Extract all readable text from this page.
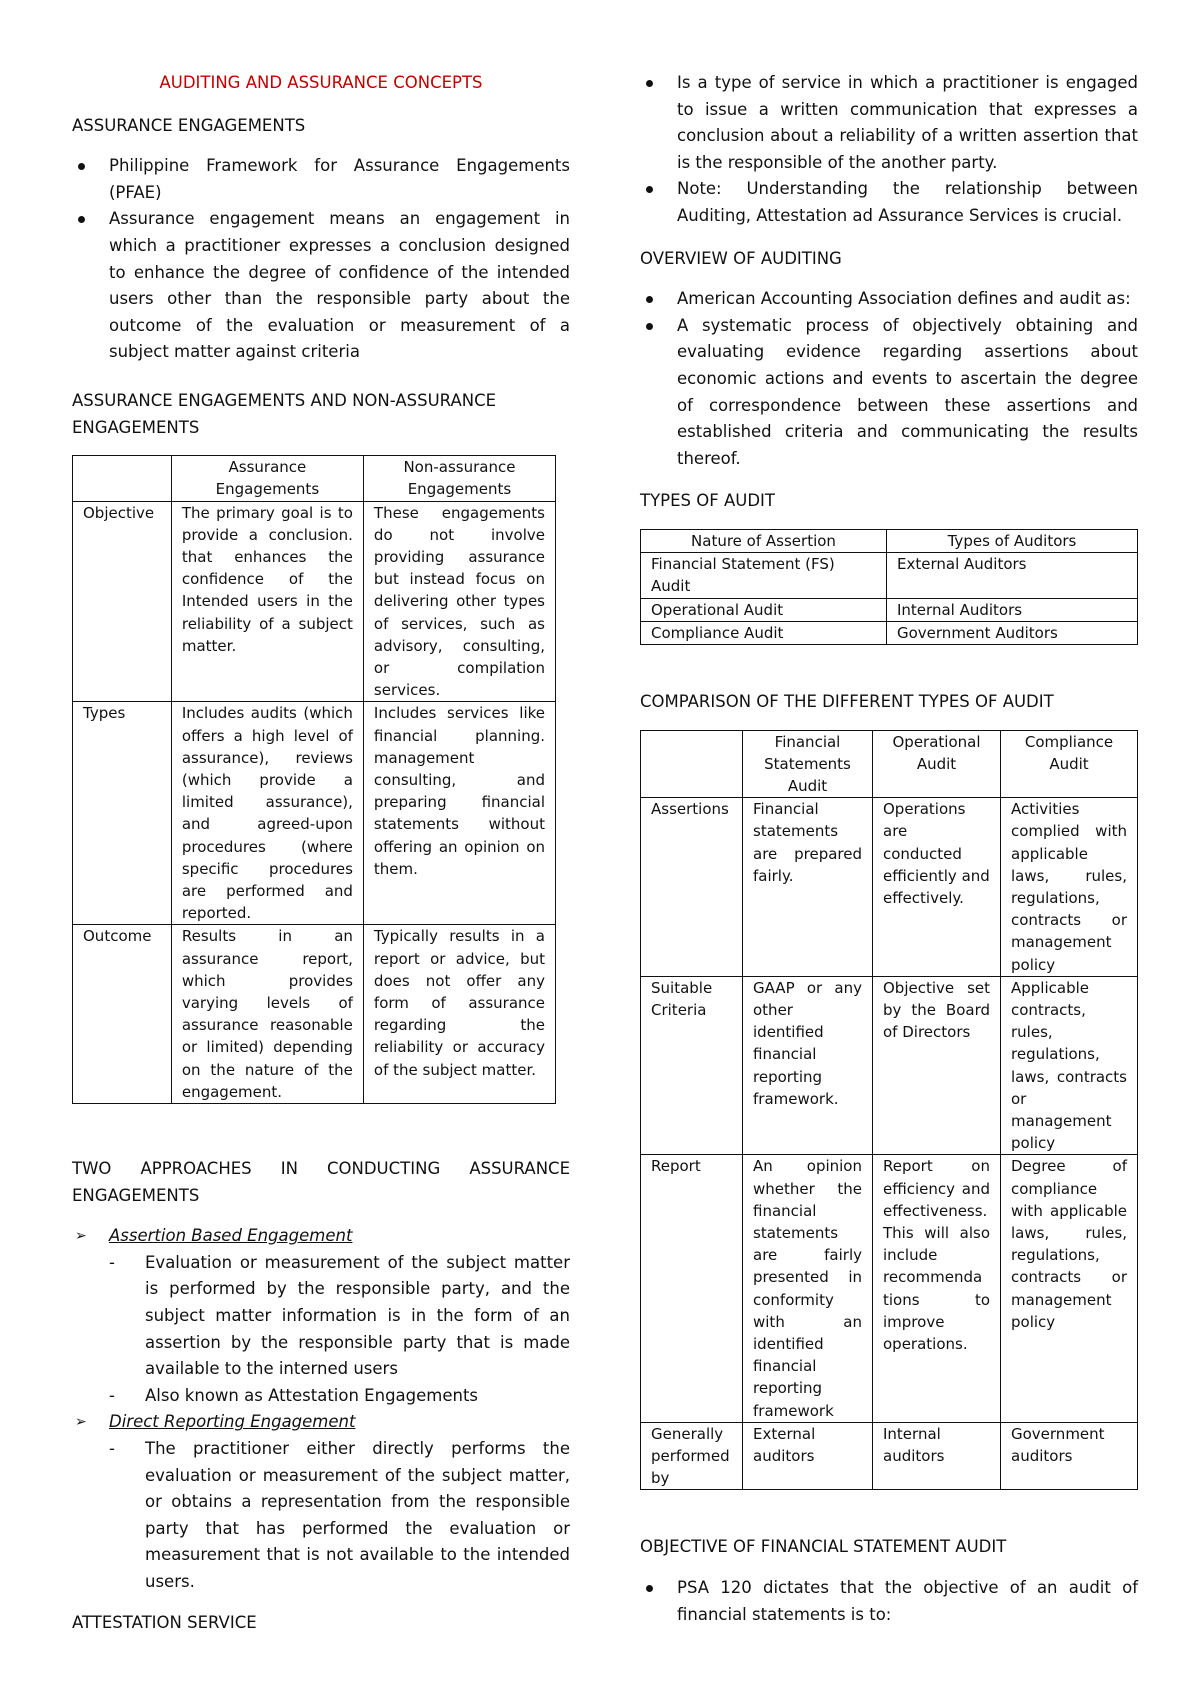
AUDITING AND ASSURANCE CONCEPTS
ASSURANCE ENGAGEMENTS
Philippine Framework for Assurance Engagements (PFAE)
Assurance engagement means an engagement in which a practitioner expresses a conclusion designed to enhance the degree of confidence of the intended users other than the responsible party about the outcome of the evaluation or measurement of a subject matter against criteria
ASSURANCE ENGAGEMENTS AND NON-ASSURANCE ENGAGEMENTS
	Assurance Engagements	Non-assurance Engagements
Objective	The primary goal is to provide a conclusion. that enhances the confidence of the Intended users in the reliability of a subject matter.	These engagements do not involve providing assurance but instead focus on delivering other types of services, such as advisory, consulting, or compilation services.
Types	Includes audits (which offers a high level of assurance), reviews (which provide a limited assurance), and agreed-upon procedures (where specific procedures are performed and reported.	Includes services like financial planning. management consulting, and preparing financial statements without offering an opinion on them.
Outcome	Results in an assurance report, which provides varying levels of assurance reasonable or limited) depending on the nature of the engagement.	Typically results in a report or advice, but does not offer any form of assurance regarding the reliability or accuracy of the subject matter.
TWO APPROACHES IN CONDUCTING ASSURANCE ENGAGEMENTS
➢ Assertion Based Engagement
- Evaluation or measurement of the subject matter is performed by the responsible party, and the subject matter information is in the form of an assertion by the responsible party that is made available to the interned users
- Also known as Attestation Engagements
➢ Direct Reporting Engagement
- The practitioner either directly performs the evaluation or measurement of the subject matter, or obtains a representation from the responsible party that has performed the evaluation or measurement that is not available to the intended users.
ATTESTATION SERVICE
Is a type of service in which a practitioner is engaged to issue a written communication that expresses a conclusion about a reliability of a written assertion that is the responsible of the another party.
Note: Understanding the relationship between Auditing, Attestation ad Assurance Services is crucial.
OVERVIEW OF AUDITING
American Accounting Association defines and audit as:
A systematic process of objectively obtaining and evaluating evidence regarding assertions about economic actions and events to ascertain the degree of correspondence between these assertions and established criteria and communicating the results thereof.
TYPES OF AUDIT
Nature of Assertion	Types of Auditors
Financial Statement (FS) Audit	External Auditors
Operational Audit	Internal Auditors
Compliance Audit	Government Auditors
COMPARISON OF THE DIFFERENT TYPES OF AUDIT
	Financial Statements Audit	Operational Audit	Compliance Audit
Assertions	Financial statements are prepared fairly.	Operations are conducted efficiently and effectively.	Activities complied with applicable laws, rules, regulations, contracts or management policy
Suitable Criteria	GAAP or any other identified financial reporting framework.	Objective set by the Board of Directors	Applicable contracts, rules, regulations, laws, contracts or management policy
Report	An opinion whether the financial statements are fairly presented in conformity with an identified financial reporting framework	Report on efficiency and effectiveness. This will also include recommenda tions to improve operations.	Degree of compliance with applicable laws, rules, regulations, contracts or management policy
Generally performed by	External auditors	Internal auditors	Government auditors
OBJECTIVE OF FINANCIAL STATEMENT AUDIT
PSA 120 dictates that the objective of an audit of financial statements is to:
